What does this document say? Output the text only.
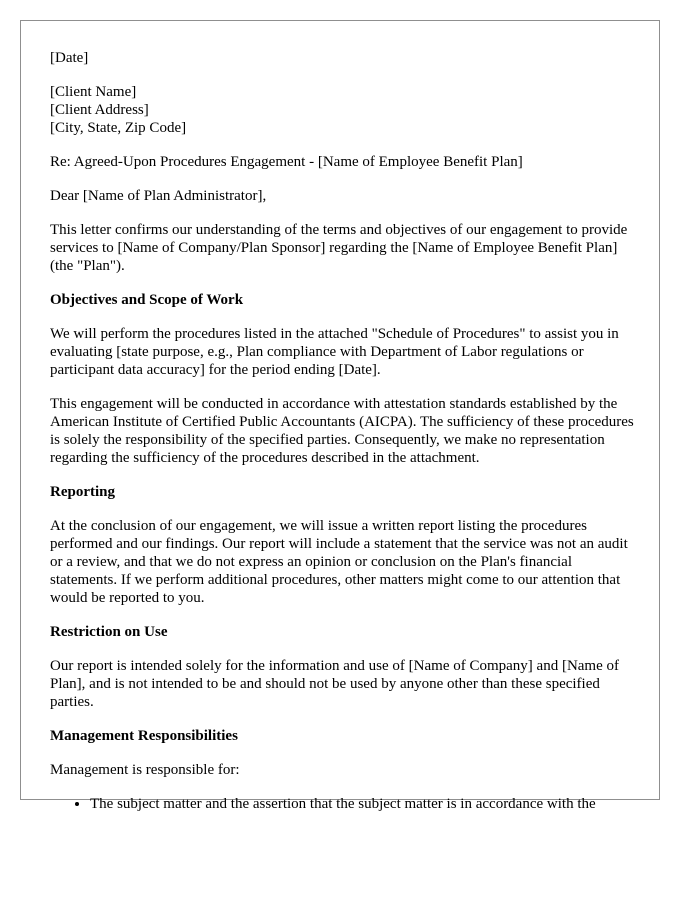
[Date]

[Client Name]
[Client Address]
[City, State, Zip Code]

Re: Agreed-Upon Procedures Engagement - [Name of Employee Benefit Plan]

Dear [Name of Plan Administrator],

This letter confirms our understanding of the terms and objectives of our engagement to provide services to [Name of Company/Plan Sponsor] regarding the [Name of Employee Benefit Plan] (the "Plan").

Objectives and Scope of Work

We will perform the procedures listed in the attached "Schedule of Procedures" to assist you in evaluating [state purpose, e.g., Plan compliance with Department of Labor regulations or participant data accuracy] for the period ending [Date].

This engagement will be conducted in accordance with attestation standards established by the American Institute of Certified Public Accountants (AICPA). The sufficiency of these procedures is solely the responsibility of the specified parties. Consequently, we make no representation regarding the sufficiency of the procedures described in the attachment.

Reporting

At the conclusion of our engagement, we will issue a written report listing the procedures performed and our findings. Our report will include a statement that the service was not an audit or a review, and that we do not express an opinion or conclusion on the Plan's financial statements. If we perform additional procedures, other matters might come to our attention that would be reported to you.

Restriction on Use

Our report is intended solely for the information and use of [Name of Company] and [Name of Plan], and is not intended to be and should not be used by anyone other than these specified parties.

Management Responsibilities

Management is responsible for:

• The subject matter and the assertion that the subject matter is in accordance with the
